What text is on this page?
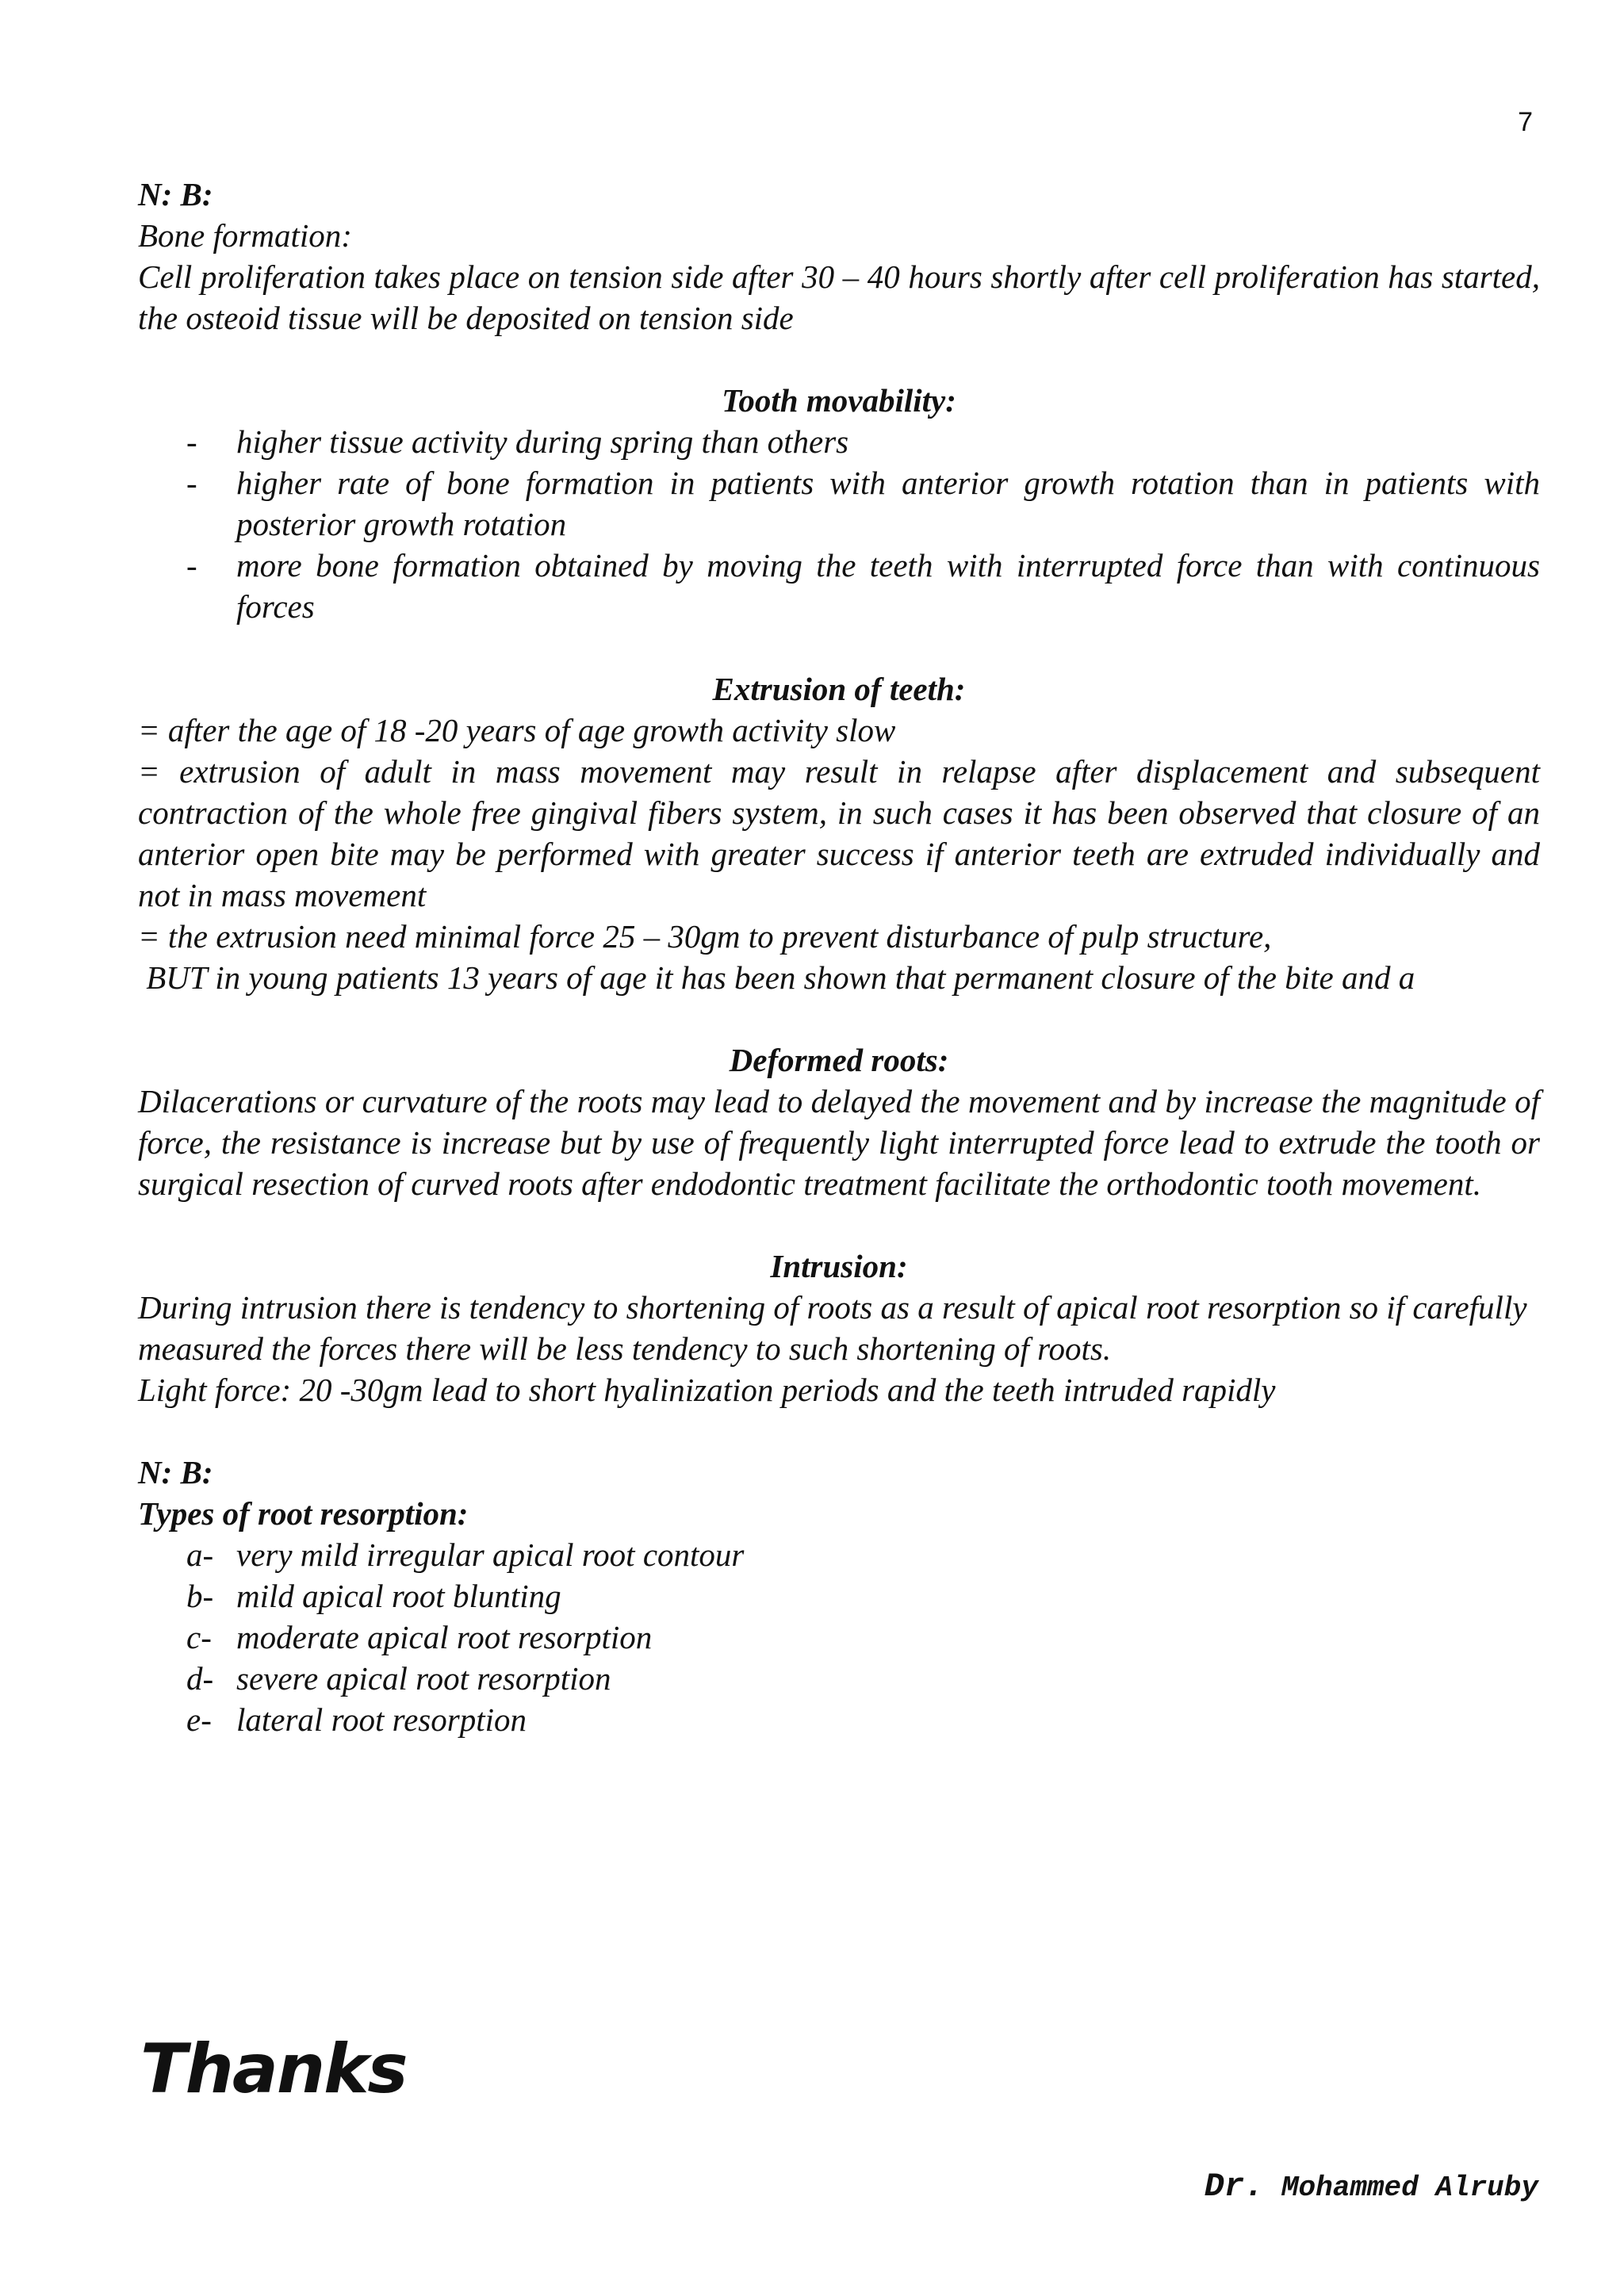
7
N: B:
Bone formation:
Cell proliferation takes place on tension side after 30 – 40 hours shortly after cell proliferation has started, the osteoid tissue will be deposited on tension side
Tooth movability:
- higher tissue activity during spring than others
- higher rate of bone formation in patients with anterior growth rotation than in patients with posterior growth rotation
- more bone formation obtained by moving the teeth with interrupted force than with continuous forces
Extrusion of teeth:
= after the age of 18 -20 years of age growth activity slow
= extrusion of adult in mass movement may result in relapse after displacement and subsequent contraction of the whole free gingival fibers system, in such cases it has been observed that closure of an anterior open bite may be performed with greater success if anterior teeth are extruded individually and not in mass movement
= the extrusion need minimal force 25 – 30gm to prevent disturbance of pulp structure,
BUT in young patients 13 years of age it has been shown that permanent closure of the bite and a
Deformed roots:
Dilacerations or curvature of the roots may lead to delayed the movement and by increase the magnitude of force, the resistance is increase but by use of frequently light interrupted force lead to extrude the tooth or surgical resection of curved roots after endodontic treatment facilitate the orthodontic tooth movement.
Intrusion:
During intrusion there is tendency to shortening of roots as a result of apical root resorption so if carefully measured the forces there will be less tendency to such shortening of roots.
Light force: 20 -30gm lead to short hyalinization periods and the teeth intruded rapidly
N: B:
Types of root resorption:
a- very mild irregular apical root contour
b- mild apical root blunting
c- moderate apical root resorption
d- severe apical root resorption
e- lateral root resorption
Thanks
Dr. Mohammed Alruby
